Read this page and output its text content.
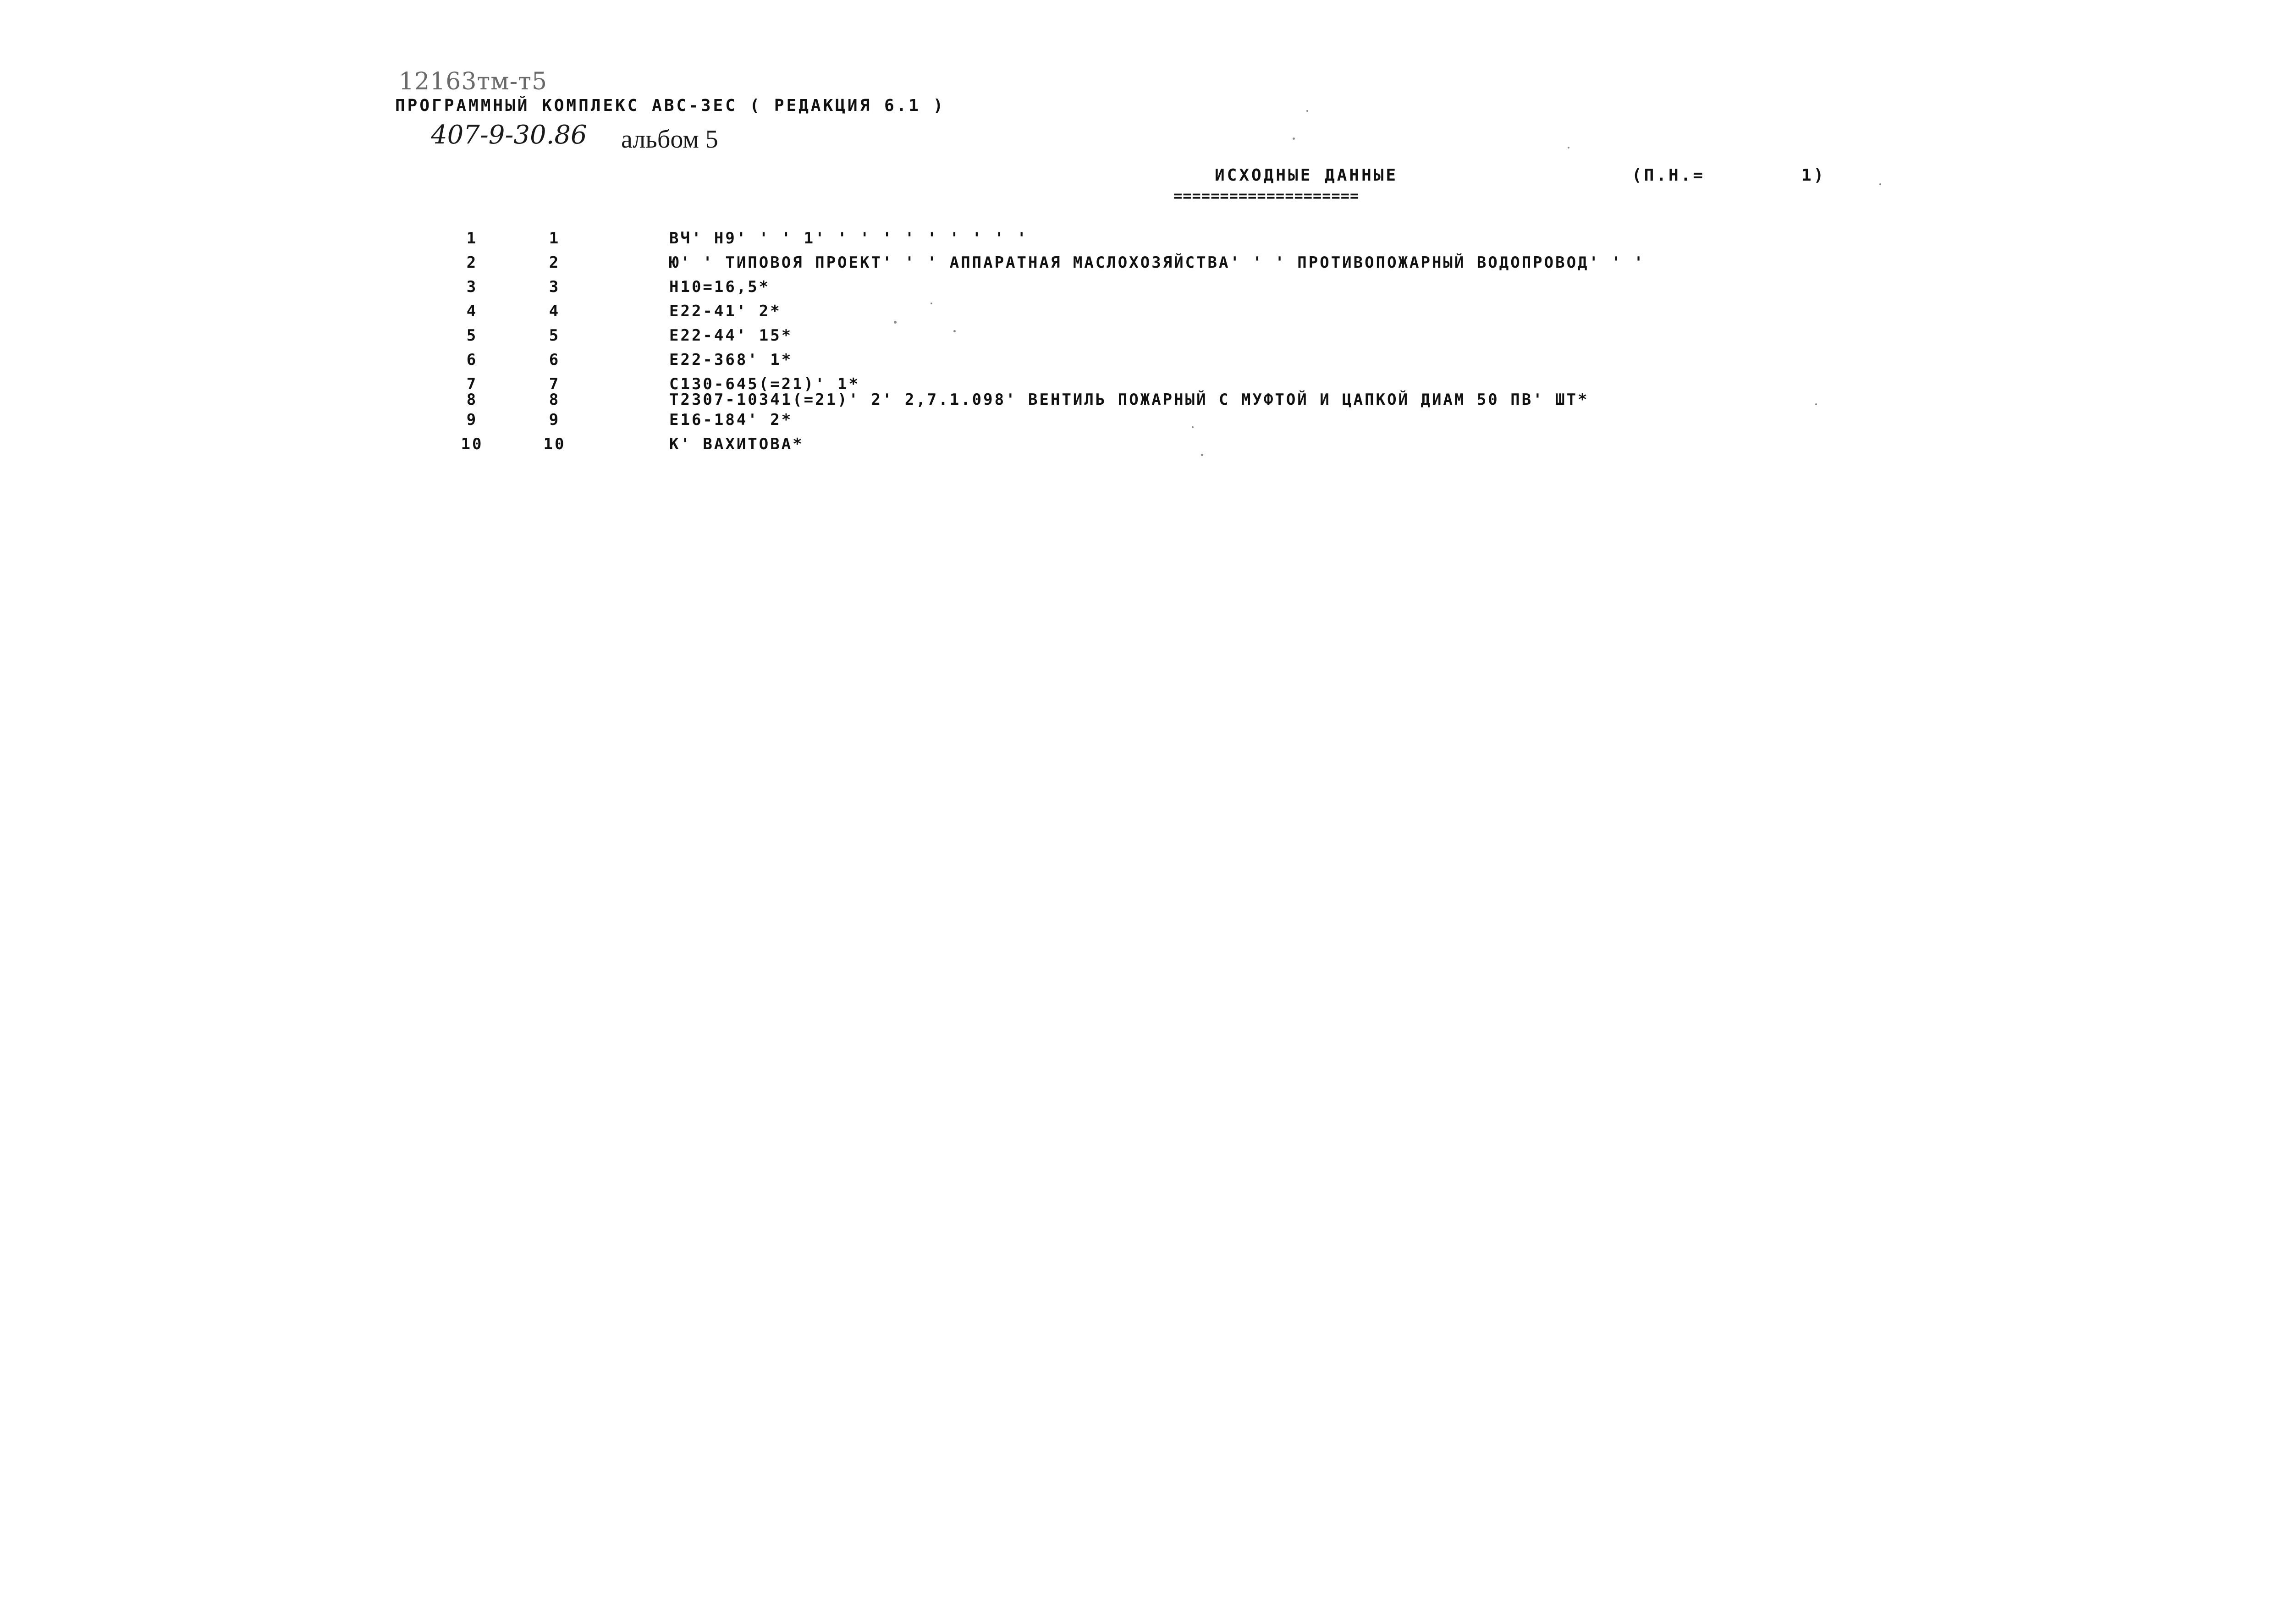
12163тм-т5
ПРОГРАММНЫЙ КОМПЛЕКС АВС-ЗЕС ( РЕДАКЦИЯ 6.1 )
407-9-30.86 альбом 5
ИСХОДНЫЕ ДАННЫЕ
====================
(П.Н.=	1)
1	1	ВЧ' Н9' ' ' 1' ' ' ' ' ' ' ' ' '
2	2	Ю' ' ТИПОВОЯ ПРОЕКТ' ' ' АППАРАТНАЯ МАСЛОХОЗЯЙСТВА' ' ' ПРОТИВОПОЖАРНЫЙ ВОДОПРОВОД' ' '
3	3	Н10=16,5*
4	4	Е22-41' 2*
5	5	Е22-44' 15*
6	6	Е22-368' 1*
7	7	С130-645(=21)' 1*
8	8	Т2307-10341(=21)' 2' 2,7.1.098' ВЕНТИЛЬ ПОЖАРНЫЙ С МУФТОЙ И ЦАПКОЙ ДИАМ 50 ПВ' ШТ*
9	9	Е16-184' 2*
10	10	К' ВАХИТОВА*
